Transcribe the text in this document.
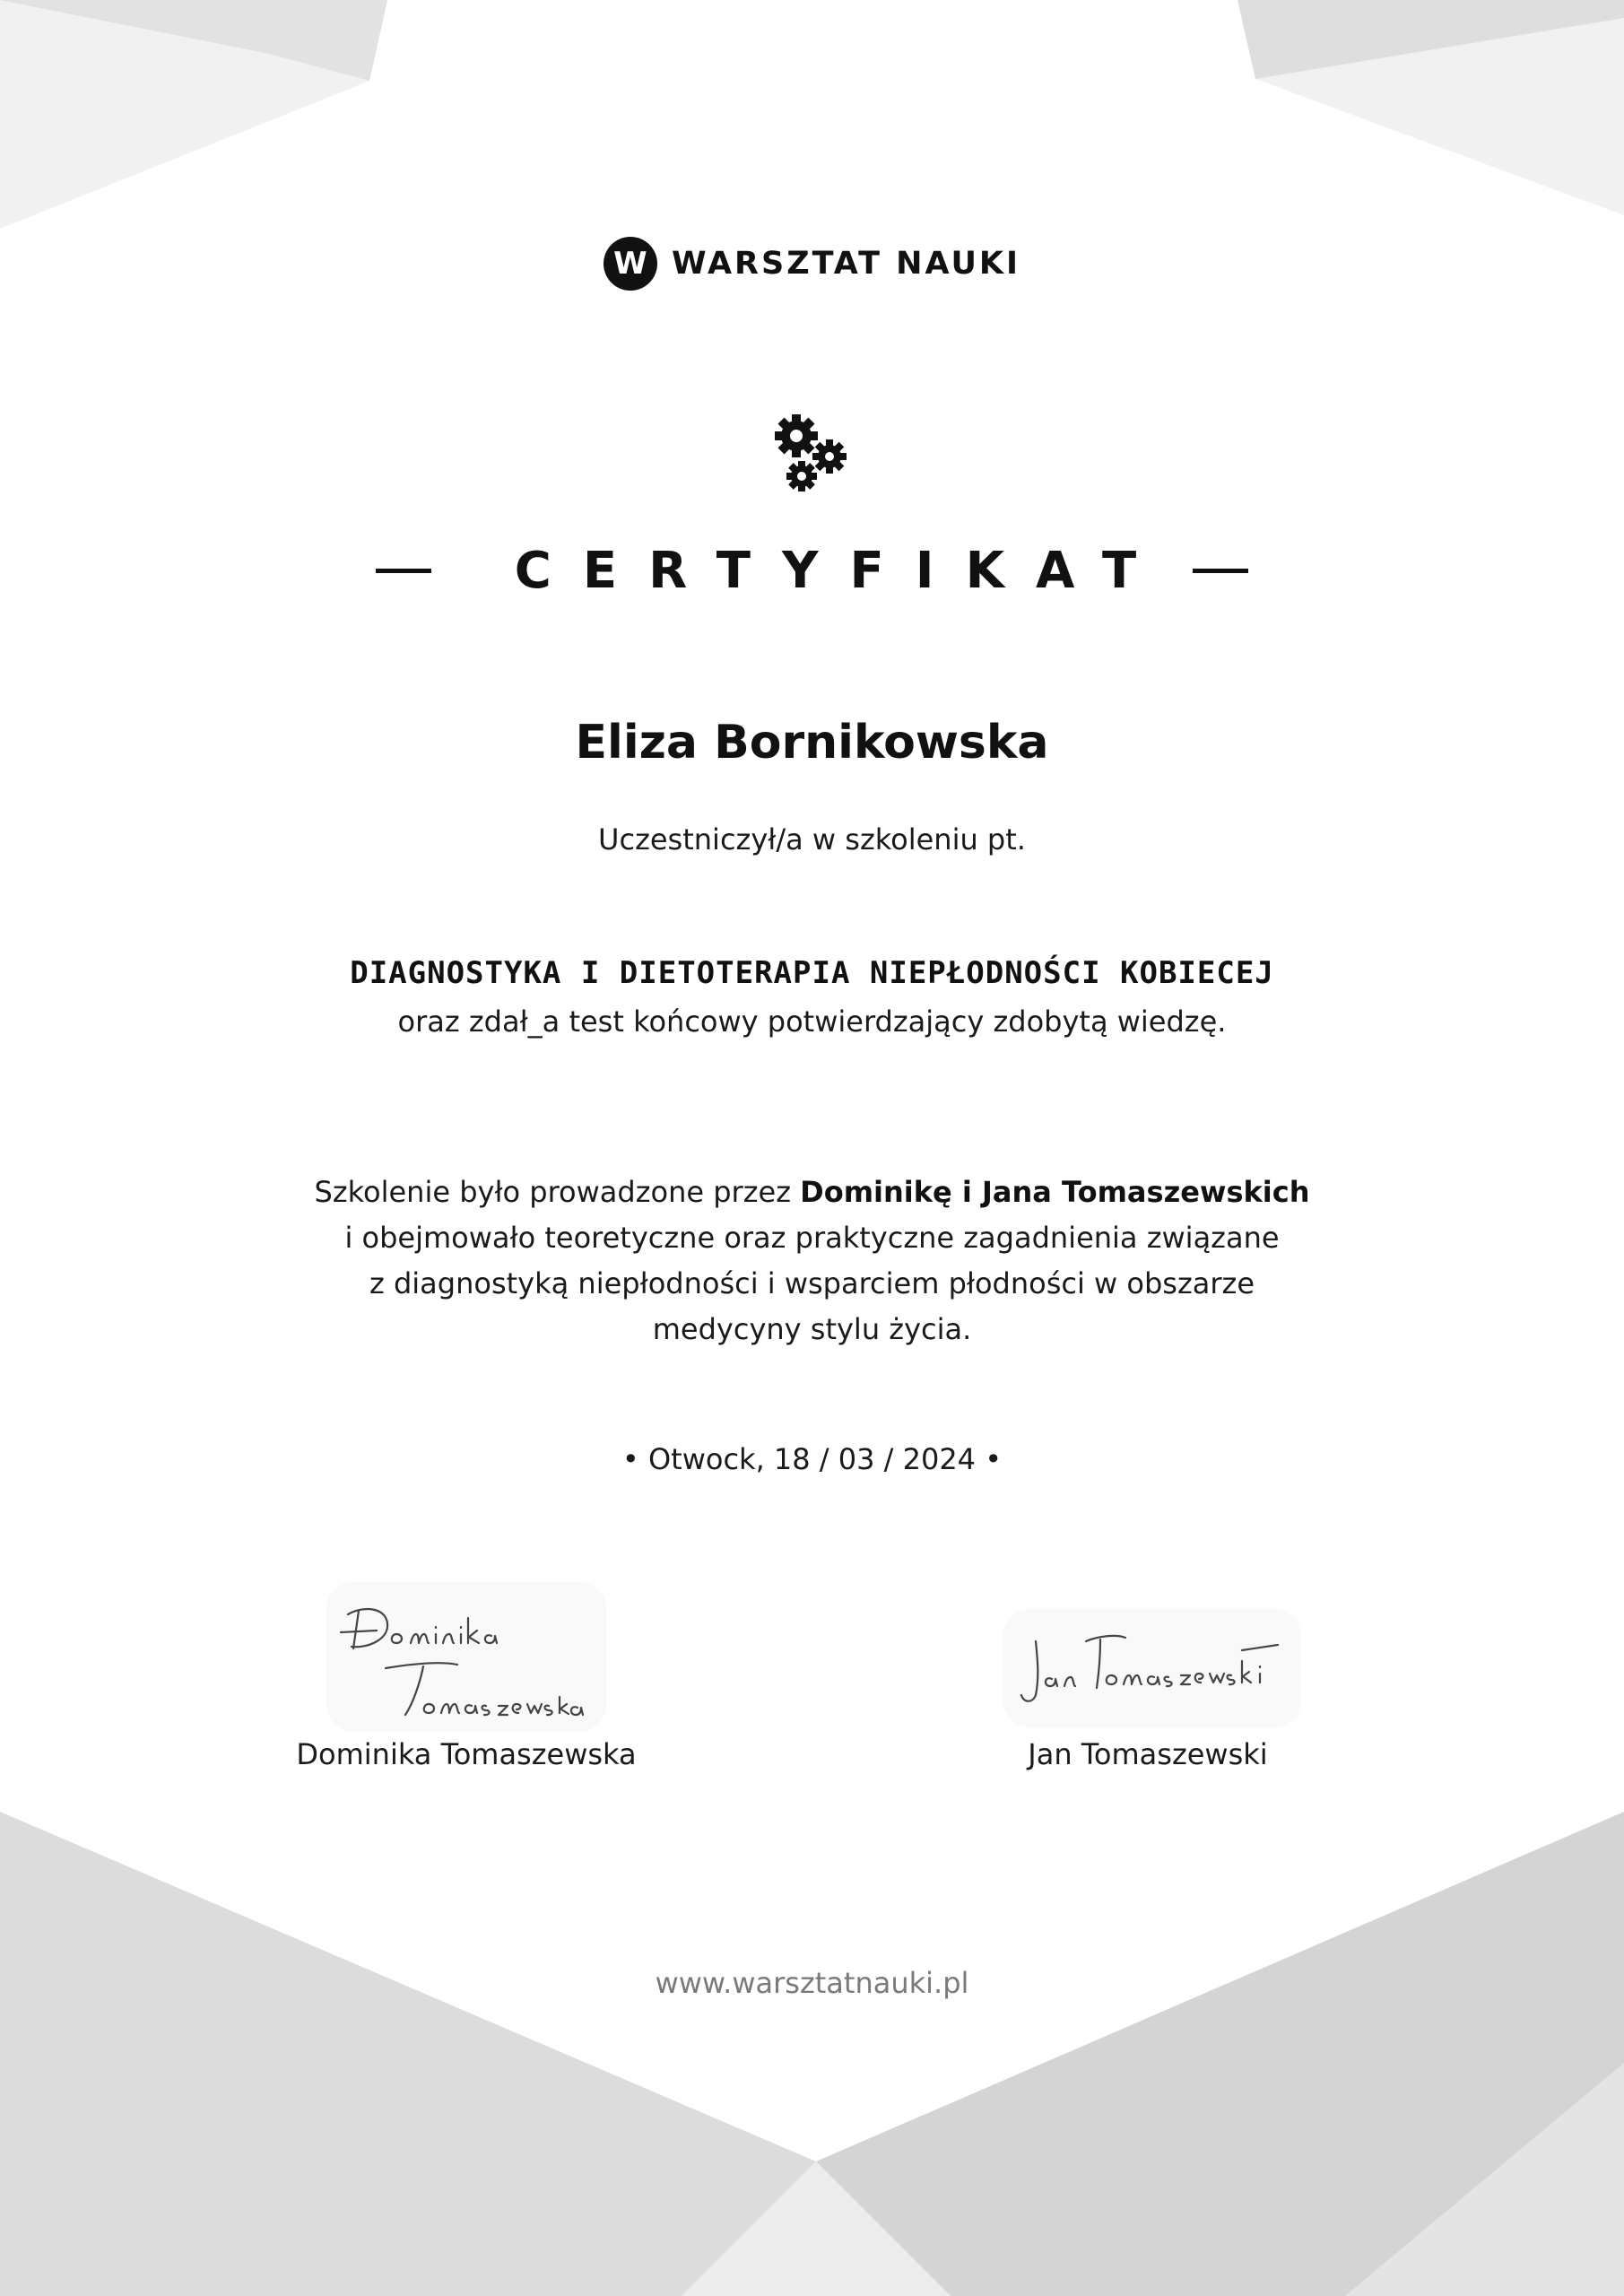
W WARSZTAT NAUKI
CERTYFIKAT
Eliza Bornikowska
Uczestniczył/a w szkoleniu pt.
DIAGNOSTYKA I DIETOTERAPIA NIEPŁODNOŚCI KOBIECEJ
oraz zdał_a test końcowy potwierdzający zdobytą wiedzę.
Szkolenie było prowadzone przez Dominikę i Jana Tomaszewskich
i obejmowało teoretyczne oraz praktyczne zagadnienia związane
z diagnostyką niepłodności i wsparciem płodności w obszarze
medycyny stylu życia.
• Otwock, 18 / 03 / 2024 •
Dominika Tomaszewska	Jan Tomaszewski
www.warsztatnauki.pl
